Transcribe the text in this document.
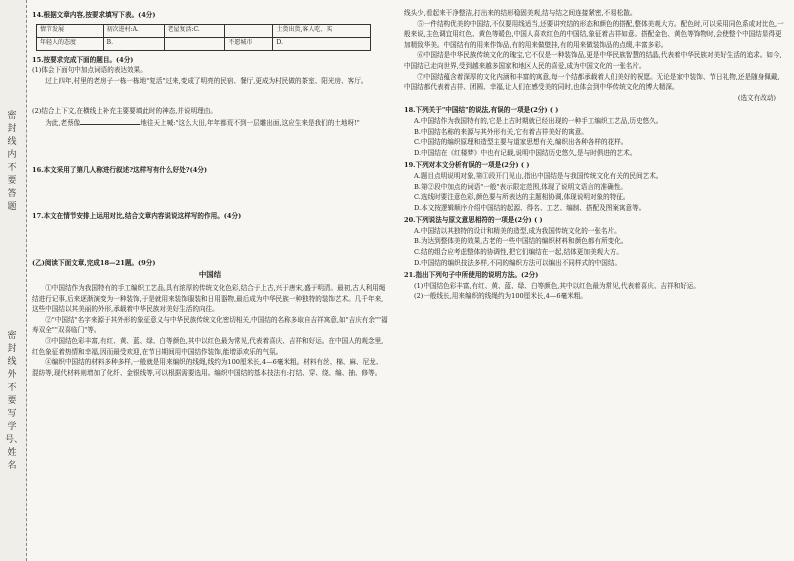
密封线内不要答题
密封线外不要写学号、姓名
14.根据文章内容,按要求填写下表。(4分)
情节发展	初次进村:A.	老屋复活:C.		土货出货,客人吃、买
年轻人的态度	B.		不愿城市	D.
15.按要求完成下面的题目。(4分)
(1)体会下面句中加点词语的表达效果。
过上四年,村里的老房子一栋一栋地"复活"过来,变成了明亮的民宿、餐厅,更成为村民做的茶室、阳光房、客厅。
(2)结合上下文,在横线上补充主要要填此时的神态,并说明理由。
为此,老蔡像	地往天上喊:"这么大田,年年都荒不到一层雕出面,这应生来是我们的土地呀!"
16.本文采用了第几人称进行叙述?这样写有什么好处?(4分)
17.本文在情节安排上运用对比,结合文章内容说说这样写的作用。(4分)
(乙)阅读下面文章,完成18—21题。(9分)
中国结
①中国结作为我国特有的手工编织工艺品,具有浓厚的传统文化色彩,结合于上古,兴于唐宋,盛于明清。最初,古人利用绳结进行记事,后来逐渐演变为一种装饰,于是就用来装饰服装和日用器物,最后成为中华民族一种独特的装饰艺术。几千年来,这些中国结以其美丽的外形,承载着中华民族对美好生活的向往。
②"中国结"名字来源于其外形的象征意义与中华民族传统文化密切相关,中国结的名称多取自吉祥寓意,如"吉庆有余""福寿双全""双喜临门"等。
③中国结色彩丰富,有红、黄、蓝、绿、白等颜色,其中以红色最为常见,代表着喜庆、吉祥和好运。在中国人的观念里,红色象征着热情和幸福,因而最受欢迎,在节日期间用中国结作装饰,能增添欢乐的气氛。
④编织中国结的材料多种多样,一般就是用来编织的线绳,线约为100厘米长,4—6毫米粗。材料有丝、棉、麻、尼龙、混纺等,现代材料则增加了化纤、金银线等,可以根据需要选用。编织中国结的基本技法有:打结、穿、绕、编、抽、修等。
线头少,看起来干净整洁,打出来的结形稳固美观,结与结之间连接紧密,不易松散。
⑤一件结构优美的中国结,不仅要用线适当,还要讲究结的形态和颜色的搭配,整体美观大方。配色时,可以采用同色系或对比色,一般来说,主色调宜用红色、黄色等暖色,中国人喜欢红色的中国结,象征着吉祥如意。搭配金色、黄色等饰物时,会使整个中国结显得更加精致华美。中国结有的用来作饰品,有的用来做壁挂,有的用来做装饰品的点缀,丰富多彩。
⑥中国结是中华民族传统文化的瑰宝,它不仅是一种装饰品,更是中华民族智慧的结晶,代表着中华民族对美好生活的追求。如今,中国结已走向世界,受到越来越多国家和地区人民的喜爱,成为中国文化的一张名片。
⑦中国结蕴含着深厚的文化内涵和丰富的寓意,每一个结都承载着人们美好的祝愿。无论是家中装饰、节日礼物,还是随身佩戴,中国结都代表着吉祥、团圆、幸福,让人们在感受美的同时,也体会到中华传统文化的博大精深。
(选文有改动)
18.下列关于"中国结"的说法,有误的一项是(2分) ( )
A.中国结作为我国特有的,它是上古时期就已经出现的一种手工编织工艺品,历史悠久。
B.中国结名称的来源与其外形有关,它有着吉祥美好的寓意。
C.中国结的编织原理和造型主要与道家思想有关,编织出各种各样的花样。
D.中国结在《红楼梦》中也有记载,说明中国结历史悠久,是与时俱进的艺术。
19.下列对本文分析有误的一项是(2分) ( )
A.题目点明说明对象,第①段开门见山,指出中国结是与我国传统文化有关的民间艺术。
B.第②段中加点的词语"一般"表示限定范围,体现了说明文语言的准确性。
C.选线时要注意色彩,颜色要与所表达的主题相协调,体现说明对象的特征。
D.本文按逻辑顺序介绍中国结的起源、得名、工艺、编制、搭配及图案寓意等。
20.下列说法与原文意思相符的一项是(2分) ( )
A.中国结以其独特的设计和精美的造型,成为我国传统文化的一张名片。
B.为达到整体美的效果,古老的一些中国结的编织材料和颜色都有所变化。
C.结的组合应考虑整体的协调性,把它们编结在一起,结体更加美观大方。
D.中国结的编织技法多样,不同的编织方法可以编出不同样式的中国结。
21.指出下列句子中所使用的说明方法。(2分)
(1)中国结色彩丰富,有红、黄、蓝、绿、白等颜色,其中以红色最为常见,代表着喜庆、吉祥和好运。
(2)一般线长,用来编织的线绳约为100厘米长,4—6毫米粗。
